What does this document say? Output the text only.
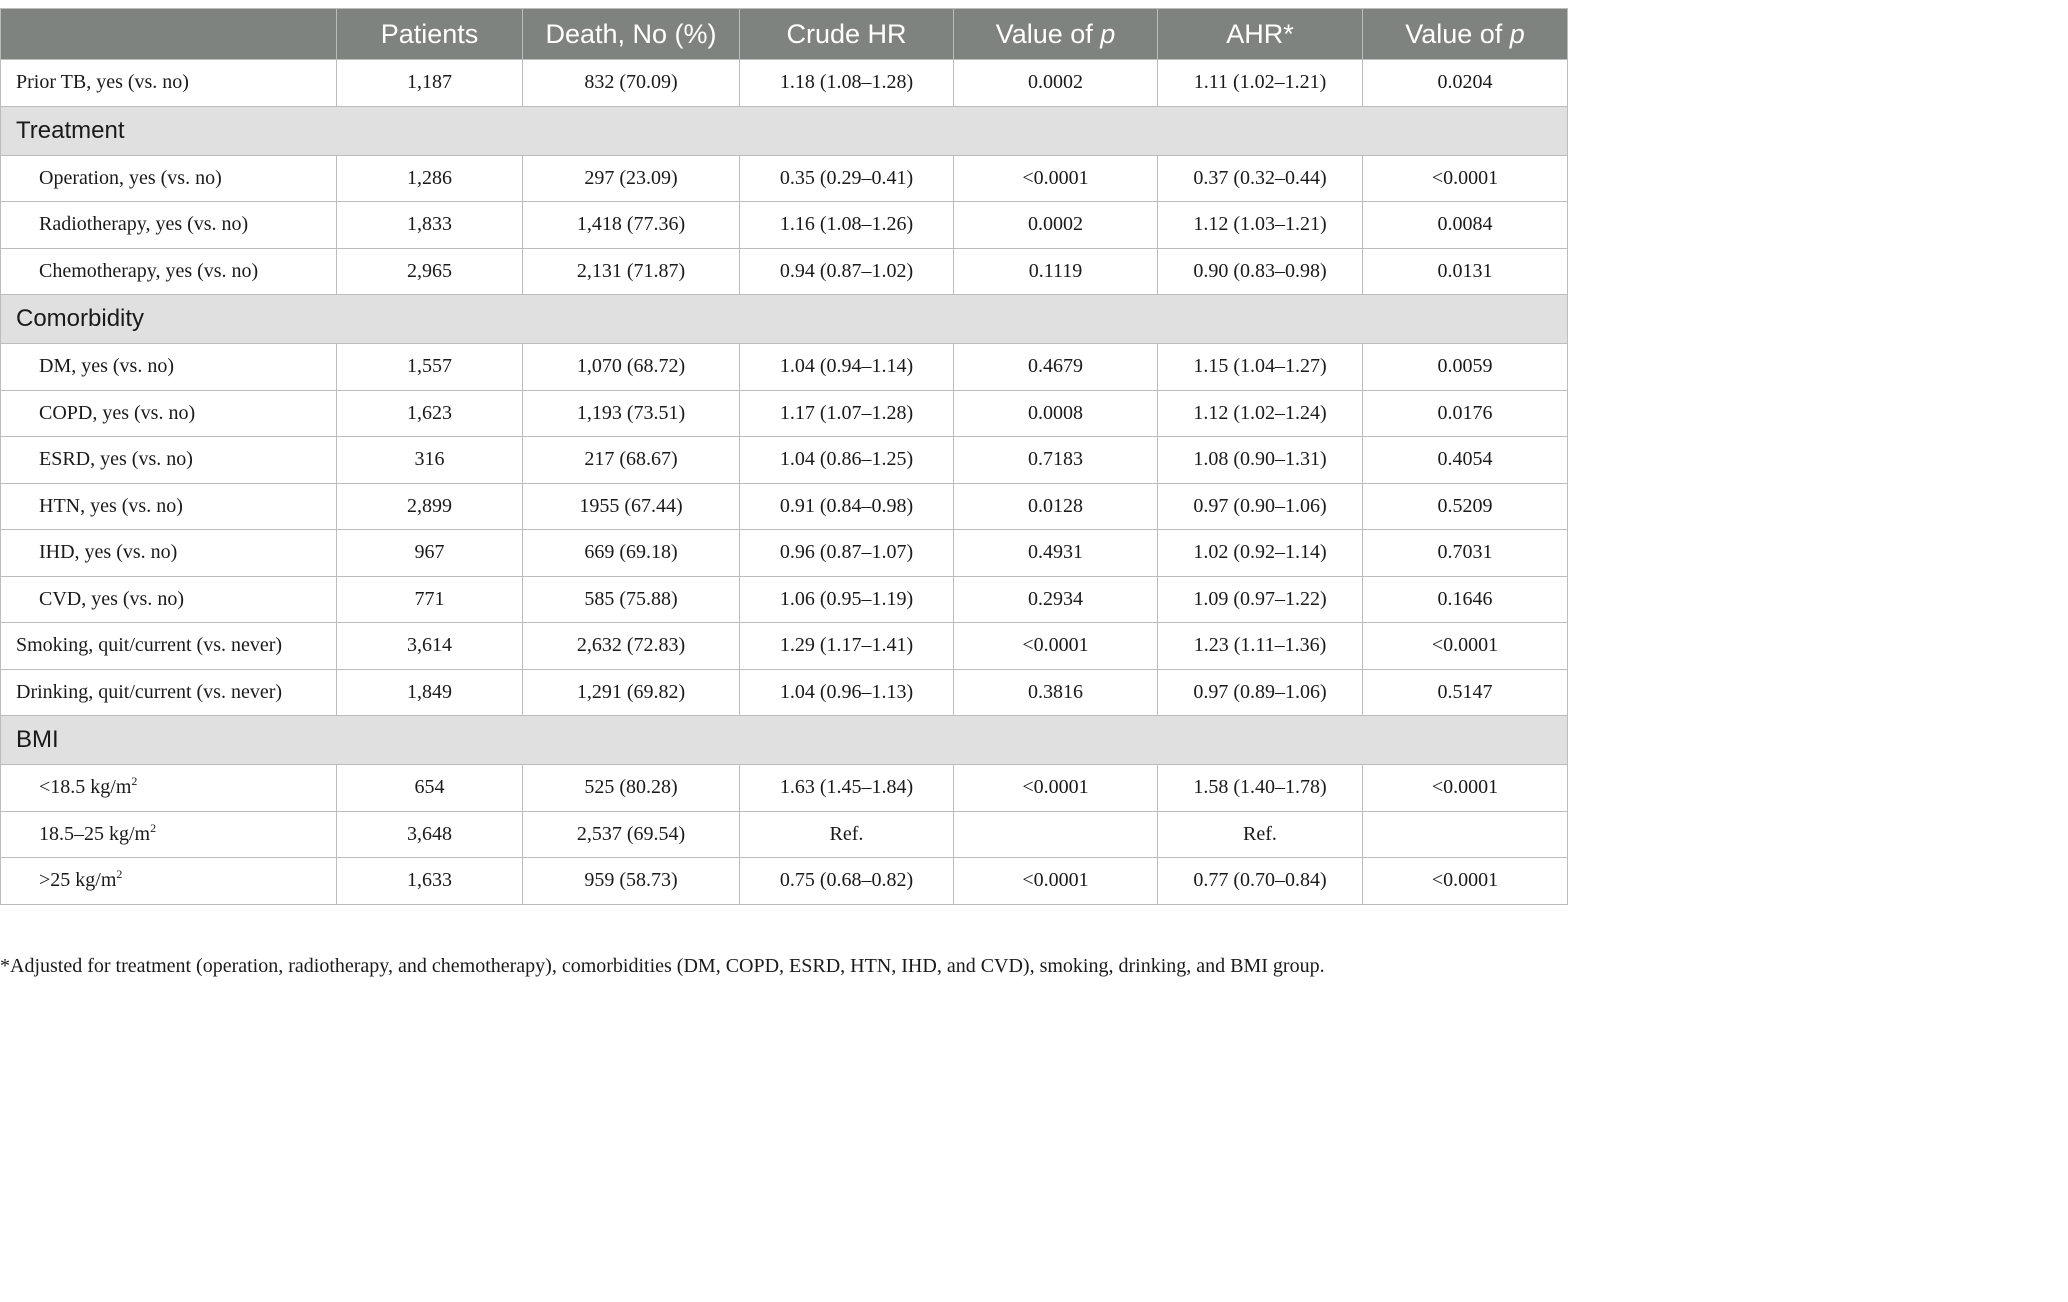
	Patients	Death, No (%)	Crude HR	Value of p	AHR*	Value of p
Prior TB, yes (vs. no)	1,187	832 (70.09)	1.18 (1.08–1.28)	0.0002	1.11 (1.02–1.21)	0.0204
Treatment						
Operation, yes (vs. no)	1,286	297 (23.09)	0.35 (0.29–0.41)	<0.0001	0.37 (0.32–0.44)	<0.0001
Radiotherapy, yes (vs. no)	1,833	1,418 (77.36)	1.16 (1.08–1.26)	0.0002	1.12 (1.03–1.21)	0.0084
Chemotherapy, yes (vs. no)	2,965	2,131 (71.87)	0.94 (0.87–1.02)	0.1119	0.90 (0.83–0.98)	0.0131
Comorbidity						
DM, yes (vs. no)	1,557	1,070 (68.72)	1.04 (0.94–1.14)	0.4679	1.15 (1.04–1.27)	0.0059
COPD, yes (vs. no)	1,623	1,193 (73.51)	1.17 (1.07–1.28)	0.0008	1.12 (1.02–1.24)	0.0176
ESRD, yes (vs. no)	316	217 (68.67)	1.04 (0.86–1.25)	0.7183	1.08 (0.90–1.31)	0.4054
HTN, yes (vs. no)	2,899	1955 (67.44)	0.91 (0.84–0.98)	0.0128	0.97 (0.90–1.06)	0.5209
IHD, yes (vs. no)	967	669 (69.18)	0.96 (0.87–1.07)	0.4931	1.02 (0.92–1.14)	0.7031
CVD, yes (vs. no)	771	585 (75.88)	1.06 (0.95–1.19)	0.2934	1.09 (0.97–1.22)	0.1646
Smoking, quit/current (vs. never)	3,614	2,632 (72.83)	1.29 (1.17–1.41)	<0.0001	1.23 (1.11–1.36)	<0.0001
Drinking, quit/current (vs. never)	1,849	1,291 (69.82)	1.04 (0.96–1.13)	0.3816	0.97 (0.89–1.06)	0.5147
BMI						
<18.5 $kg/m^2$	654	525 (80.28)	1.63 (1.45–1.84)	<0.0001	1.58 (1.40–1.78)	<0.0001
18.5–25 $kg/m^2$	3,648	2,537 (69.54)	Ref.		Ref.	
>25 $kg/m^2$	1,633	959 (58.73)	0.75 (0.68–0.82)	<0.0001	0.77 (0.70–0.84)	<0.0001
*Adjusted for treatment (operation, radiotherapy, and chemotherapy), comorbidities (DM, COPD, ESRD, HTN, IHD, and CVD), smoking, drinking, and BMI group.
